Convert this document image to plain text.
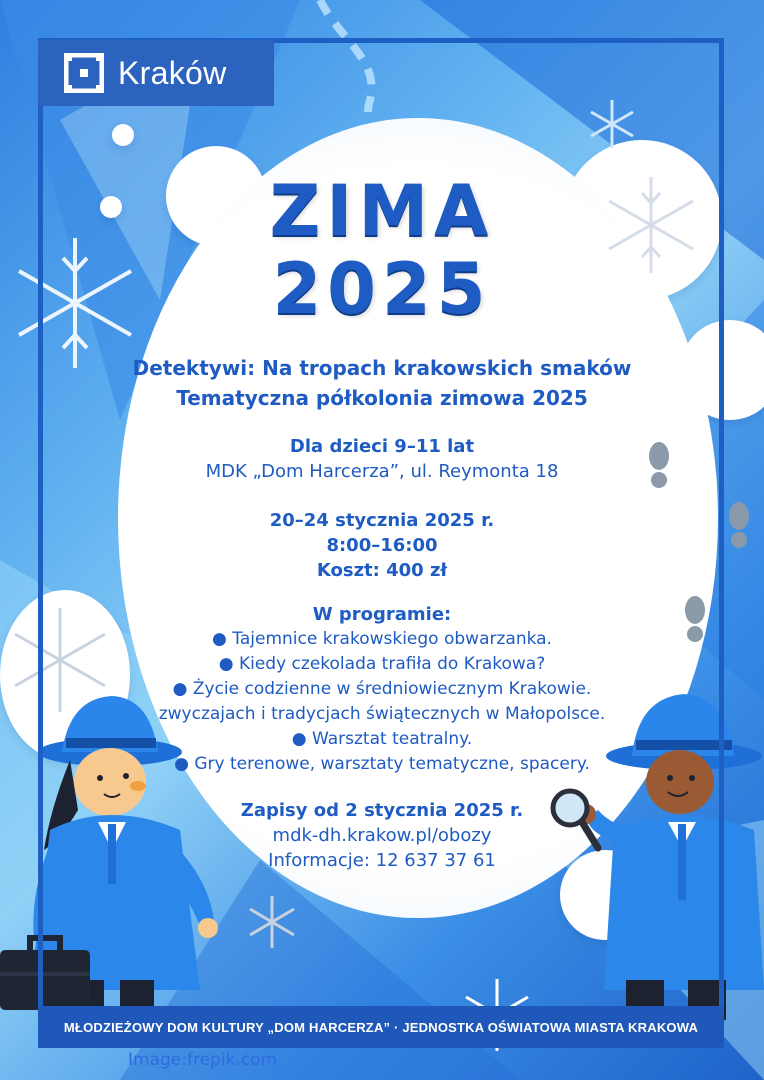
Kraków
ZIMA
2025
Detektywi: Na tropach krakowskich smaków
Tematyczna półkolonia zimowa 2025
Dla dzieci 9–11 lat
MDK „Dom Harcerza”, ul. Reymonta 18
20–24 stycznia 2025 r.
8:00–16:00
Koszt: 400 zł
W programie:
● Tajemnice krakowskiego obwarzanka.
● Kiedy czekolada trafiła do Krakowa?
● Życie codzienne w średniowiecznym Krakowie.
zwyczajach i tradycjach świątecznych w Małopolsce.
● Warsztat teatralny.
● Gry terenowe, warsztaty tematyczne, spacery.
Zapisy od 2 stycznia 2025 r.
mdk-dh.krakow.pl/obozy
Informacje: 12 637 37 61
MŁODZIEŻOWY DOM KULTURY „DOM HARCERZA” · JEDNOSTKA OŚWIATOWA MIASTA KRAKOWA
Image:frepik.com
